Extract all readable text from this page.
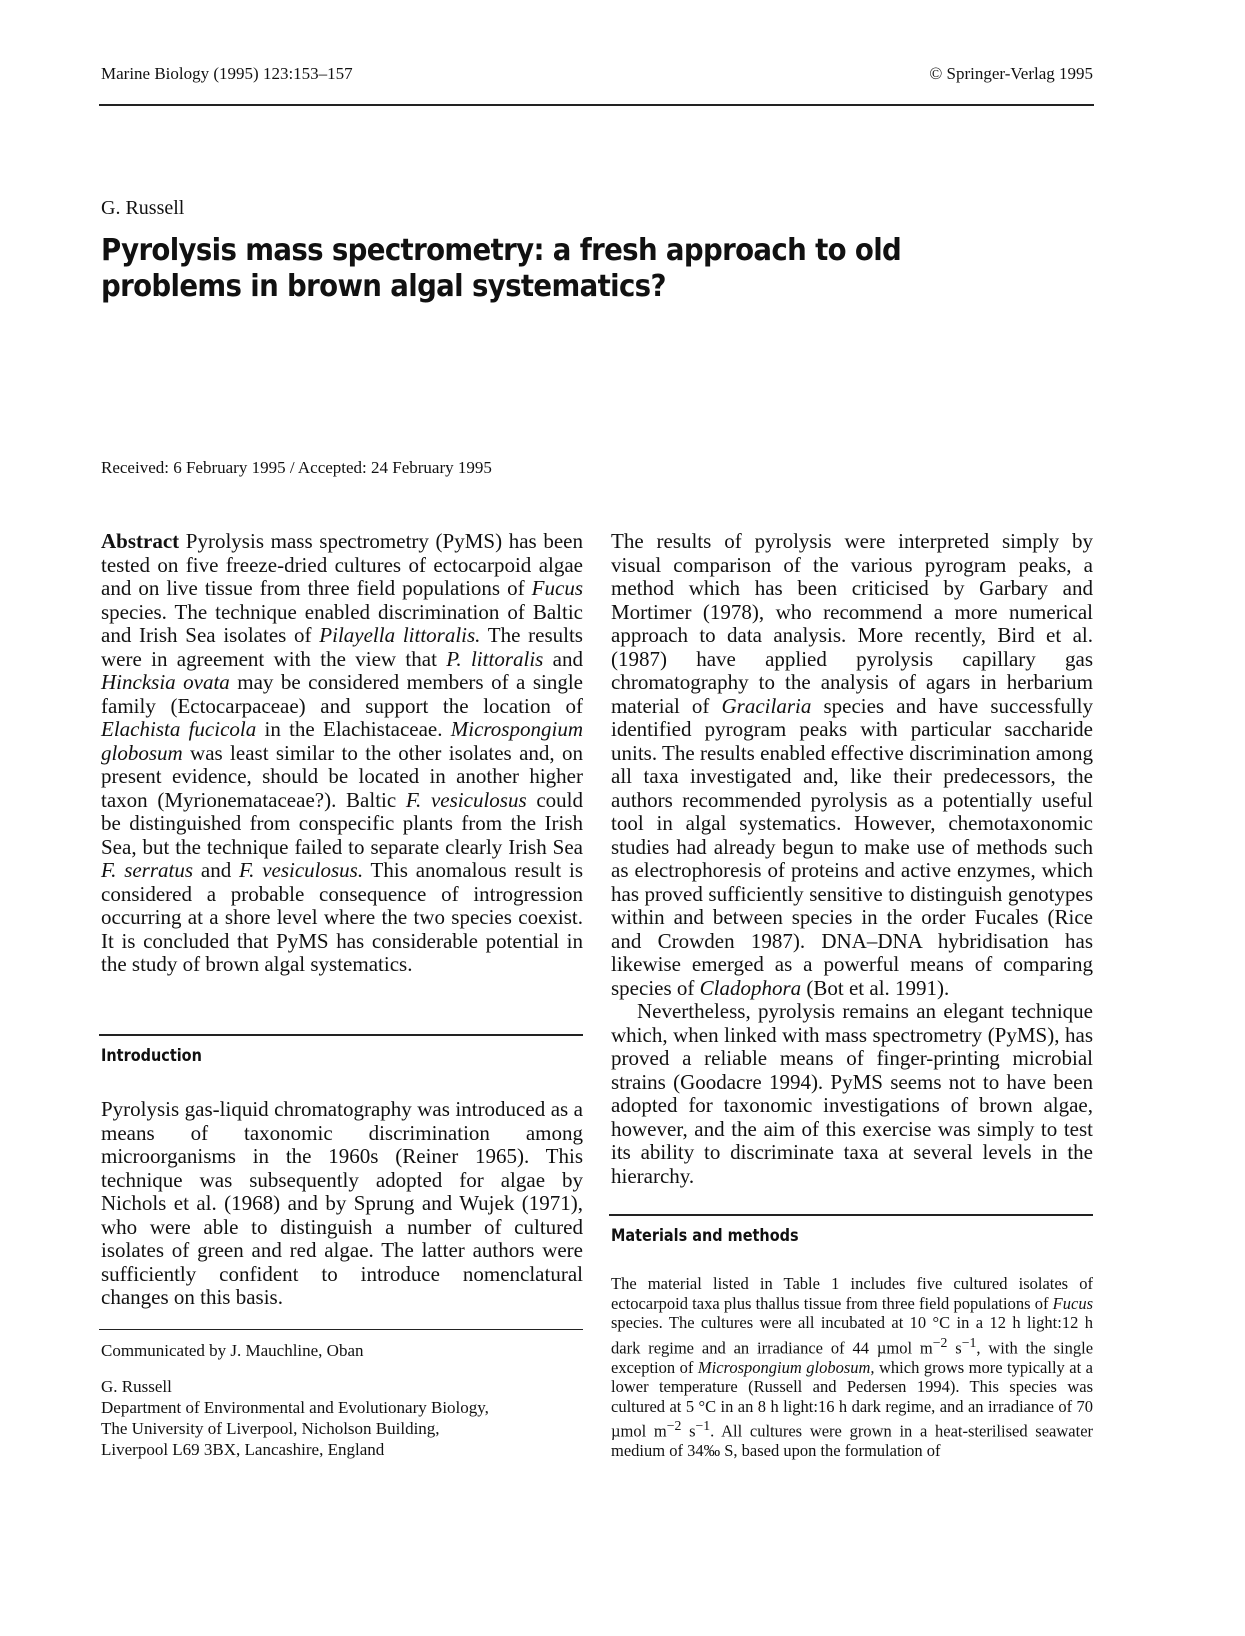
Marine Biology (1995) 123:153–157	© Springer-Verlag 1995
G. Russell
Pyrolysis mass spectrometry: a fresh approach to old problems in brown algal systematics?
Received: 6 February 1995 / Accepted: 24 February 1995

Abstract Pyrolysis mass spectrometry (PyMS) has been tested on five freeze-dried cultures of ectocarpoid algae and on live tissue from three field populations of Fucus species. The technique enabled discrimination of Baltic and Irish Sea isolates of Pilayella littoralis. The results were in agreement with the view that P. littoralis and Hincksia ovata may be considered members of a single family (Ectocarpaceae) and support the location of Elachista fucicola in the Elachistaceae. Microspongium globosum was least similar to the other isolates and, on present evidence, should be located in another higher taxon (Myrionemataceae?). Baltic F. vesiculosus could be distinguished from conspecific plants from the Irish Sea, but the technique failed to separate clearly Irish Sea F. serratus and F. vesiculosus. This anomalous result is considered a probable consequence of introgression occurring at a shore level where the two species coexist. It is concluded that PyMS has considerable potential in the study of brown algal systematics.

Introduction

Pyrolysis gas-liquid chromatography was introduced as a means of taxonomic discrimination among microorganisms in the 1960s (Reiner 1965). This technique was subsequently adopted for algae by Nichols et al. (1968) and by Sprung and Wujek (1971), who were able to distinguish a number of cultured isolates of green and red algae. The latter authors were sufficiently confident to introduce nomenclatural changes on this basis.

Communicated by J. Mauchline, Oban
G. Russell
Department of Environmental and Evolutionary Biology,
The University of Liverpool, Nicholson Building,
Liverpool L69 3BX, Lancashire, England

The results of pyrolysis were interpreted simply by visual comparison of the various pyrogram peaks, a method which has been criticised by Garbary and Mortimer (1978), who recommend a more numerical approach to data analysis. More recently, Bird et al. (1987) have applied pyrolysis capillary gas chromatography to the analysis of agars in herbarium material of Gracilaria species and have successfully identified pyrogram peaks with particular saccharide units. The results enabled effective discrimination among all taxa investigated and, like their predecessors, the authors recommended pyrolysis as a potentially useful tool in algal systematics. However, chemotaxonomic studies had already begun to make use of methods such as electrophoresis of proteins and active enzymes, which has proved sufficiently sensitive to distinguish genotypes within and between species in the order Fucales (Rice and Crowden 1987). DNA–DNA hybridisation has likewise emerged as a powerful means of comparing species of Cladophora (Bot et al. 1991).

Nevertheless, pyrolysis remains an elegant technique which, when linked with mass spectrometry (PyMS), has proved a reliable means of finger-printing microbial strains (Goodacre 1994). PyMS seems not to have been adopted for taxonomic investigations of brown algae, however, and the aim of this exercise was simply to test its ability to discriminate taxa at several levels in the hierarchy.

Materials and methods
The material listed in Table 1 includes five cultured isolates of ectocarpoid taxa plus thallus tissue from three field populations of Fucus species. The cultures were all incubated at 10 °C in a 12 h light:12 h dark regime and an irradiance of 44 µmol $m^{-2}$ $s^{-1}$, with the single exception of Microspongium globosum, which grows more typically at a lower temperature (Russell and Pedersen 1994). This species was cultured at 5 °C in an 8 h light:16 h dark regime, and an irradiance of 70 µmol $m^{-2}$ $s^{-1}$. All cultures were grown in a heat-sterilised seawater medium of 34‰ S, based upon the formulation of
